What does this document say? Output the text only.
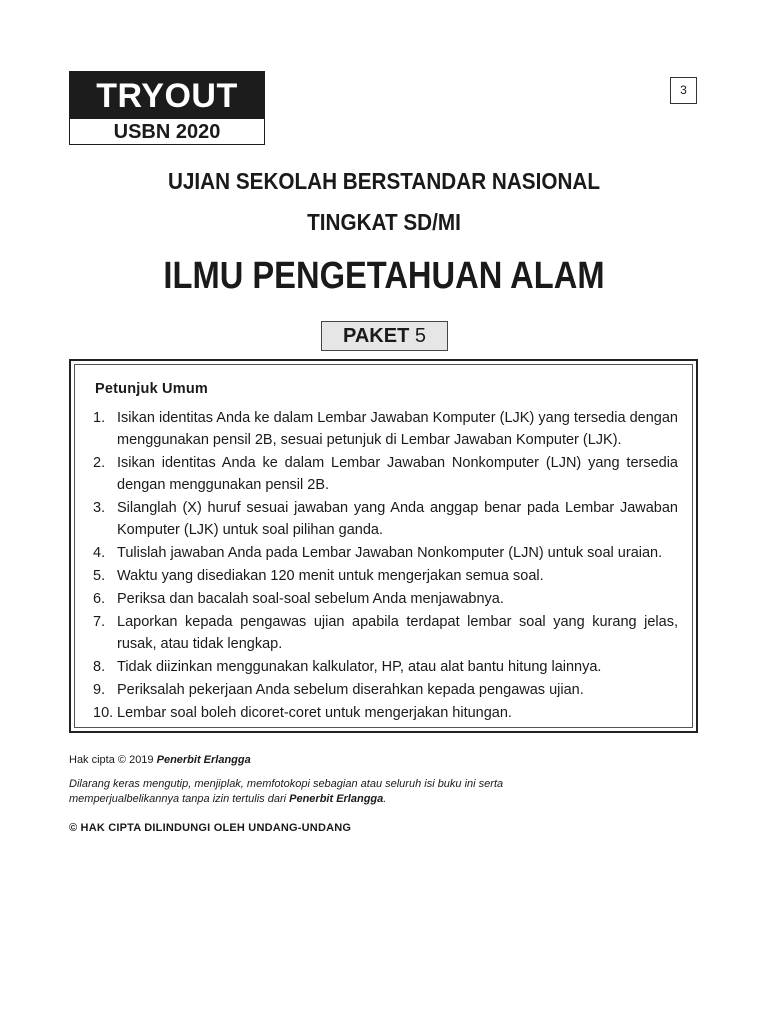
TRYOUT
USBN 2020
3
UJIAN SEKOLAH BERSTANDAR NASIONAL
TINGKAT SD/MI
ILMU PENGETAHUAN ALAM
PAKET 5
Petunjuk Umum
1. Isikan identitas Anda ke dalam Lembar Jawaban Komputer (LJK) yang tersedia dengan menggunakan pensil 2B, sesuai petunjuk di Lembar Jawaban Komputer (LJK).
2. Isikan identitas Anda ke dalam Lembar Jawaban Nonkomputer (LJN) yang tersedia dengan menggunakan pensil 2B.
3. Silanglah (X) huruf sesuai jawaban yang Anda anggap benar pada Lembar Jawaban Komputer (LJK) untuk soal pilihan ganda.
4. Tulislah jawaban Anda pada Lembar Jawaban Nonkomputer (LJN) untuk soal uraian.
5. Waktu yang disediakan 120 menit untuk mengerjakan semua soal.
6. Periksa dan bacalah soal-soal sebelum Anda menjawabnya.
7. Laporkan kepada pengawas ujian apabila terdapat lembar soal yang kurang jelas, rusak, atau tidak lengkap.
8. Tidak diizinkan menggunakan kalkulator, HP, atau alat bantu hitung lainnya.
9. Periksalah pekerjaan Anda sebelum diserahkan kepada pengawas ujian.
10. Lembar soal boleh dicoret-coret untuk mengerjakan hitungan.
Hak cipta © 2019 Penerbit Erlangga
Dilarang keras mengutip, menjiplak, memfotokopi sebagian atau seluruh isi buku ini serta memperjualbelikannya tanpa izin tertulis dari Penerbit Erlangga.
© HAK CIPTA DILINDUNGI OLEH UNDANG-UNDANG
